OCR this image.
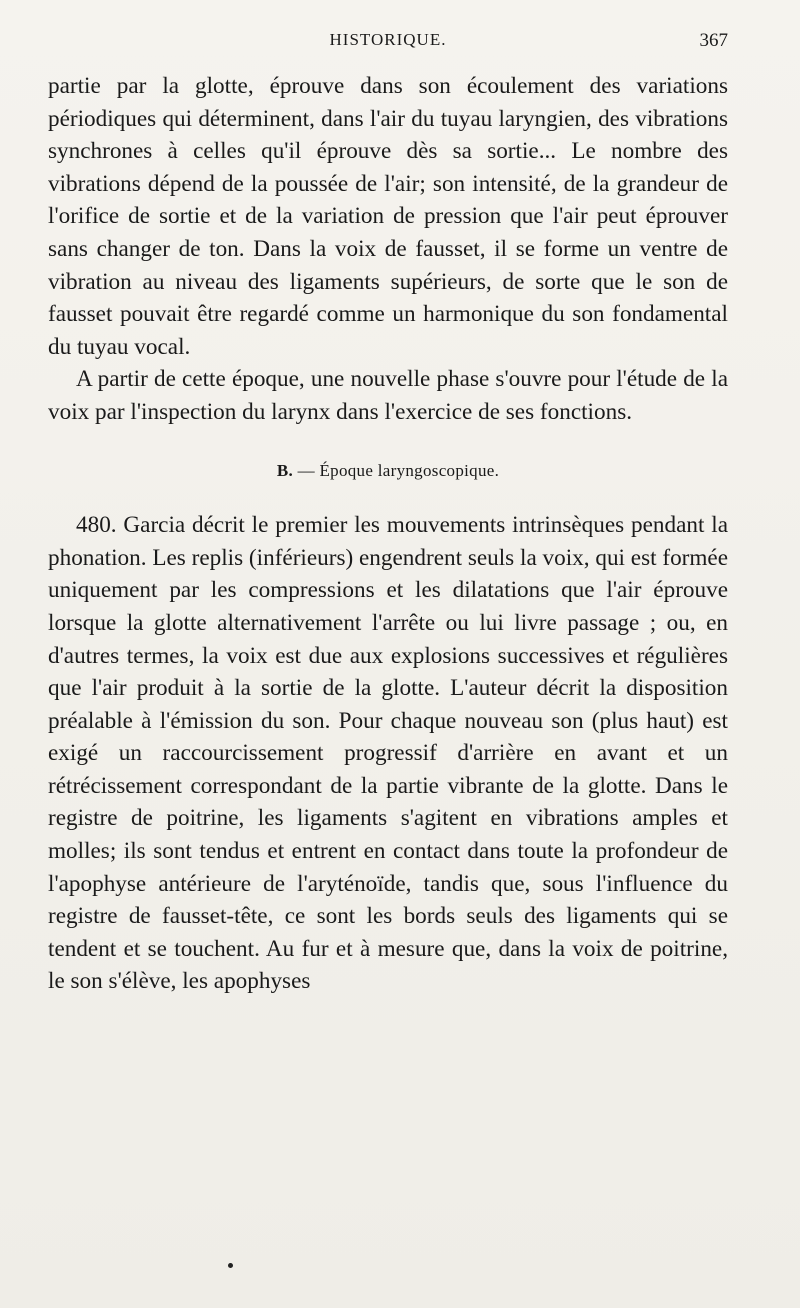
HISTORIQUE.	367

partie par la glotte, éprouve dans son écoulement des variations périodiques qui déterminent, dans l'air du tuyau laryngien, des vibrations synchrones à celles qu'il éprouve dès sa sortie... Le nombre des vibrations dépend de la poussée de l'air; son intensité, de la grandeur de l'orifice de sortie et de la variation de pression que l'air peut éprouver sans changer de ton. Dans la voix de fausset, il se forme un ventre de vibration au niveau des ligaments supérieurs, de sorte que le son de fausset pouvait être regardé comme un harmonique du son fondamental du tuyau vocal.

A partir de cette époque, une nouvelle phase s'ouvre pour l'étude de la voix par l'inspection du larynx dans l'exercice de ses fonctions.

B. — Époque laryngoscopique.

480. Garcia décrit le premier les mouvements intrinsèques pendant la phonation. Les replis (inférieurs) engendrent seuls la voix, qui est formée uniquement par les compressions et les dilatations que l'air éprouve lorsque la glotte alternativement l'arrête ou lui livre passage ; ou, en d'autres termes, la voix est due aux explosions successives et régulières que l'air produit à la sortie de la glotte. L'auteur décrit la disposition préalable à l'émission du son. Pour chaque nouveau son (plus haut) est exigé un raccourcissement progressif d'arrière en avant et un rétrécissement correspondant de la partie vibrante de la glotte. Dans le registre de poitrine, les ligaments s'agitent en vibrations amples et molles; ils sont tendus et entrent en contact dans toute la profondeur de l'apophyse antérieure de l'aryténoïde, tandis que, sous l'influence du registre de fausset-tête, ce sont les bords seuls des ligaments qui se tendent et se touchent. Au fur et à mesure que, dans la voix de poitrine, le son s'élève, les apophyses
